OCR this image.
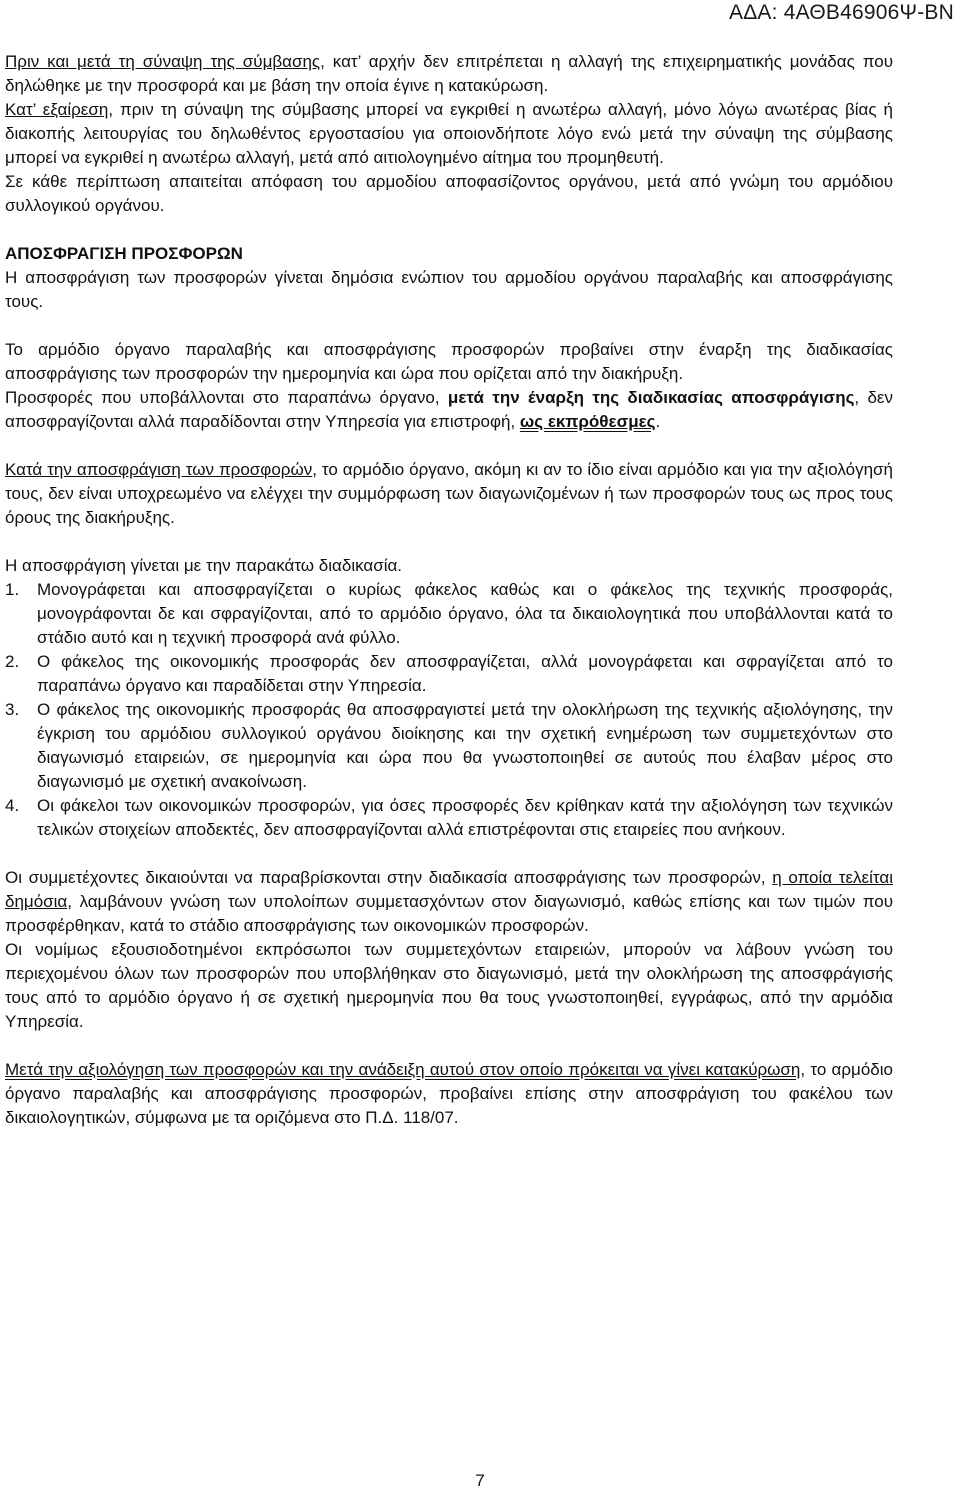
ΑΔΑ: 4ΑΘΒ46906Ψ-ΒΝ

Πριν και μετά τη σύναψη της σύμβασης, κατ’ αρχήν δεν επιτρέπεται η αλλαγή της επιχειρηματικής μονάδας που δηλώθηκε με την προσφορά και με βάση την οποία έγινε η κατακύρωση.

Κατ’ εξαίρεση, πριν τη σύναψη της σύμβασης μπορεί να εγκριθεί η ανωτέρω αλλαγή, μόνο λόγω ανωτέρας βίας ή διακοπής λειτουργίας του δηλωθέντος εργοστασίου για οποιονδήποτε λόγο ενώ μετά την σύναψη της σύμβασης μπορεί να εγκριθεί η ανωτέρω αλλαγή, μετά από αιτιολογημένο αίτημα του προμηθευτή.

Σε κάθε περίπτωση απαιτείται απόφαση του αρμοδίου αποφασίζοντος οργάνου, μετά από γνώμη του αρμόδιου συλλογικού οργάνου.

ΑΠΟΣΦΡΑΓΙΣΗ ΠΡΟΣΦΟΡΩΝ

Η αποσφράγιση των προσφορών γίνεται δημόσια ενώπιον του αρμοδίου οργάνου παραλαβής και αποσφράγισης τους.

Το αρμόδιο όργανο παραλαβής και αποσφράγισης προσφορών προβαίνει στην έναρξη της διαδικασίας αποσφράγισης των προσφορών την ημερομηνία και ώρα που ορίζεται από την διακήρυξη.

Προσφορές που υποβάλλονται στο παραπάνω όργανο, μετά την έναρξη της διαδικασίας αποσφράγισης, δεν αποσφραγίζονται αλλά παραδίδονται στην Υπηρεσία για επιστροφή, ως εκπρόθεσμες.

Κατά την αποσφράγιση των προσφορών, το αρμόδιο όργανο, ακόμη κι αν το ίδιο είναι αρμόδιο και για την αξιολόγησή τους, δεν είναι υποχρεωμένο να ελέγχει την συμμόρφωση των διαγωνιζομένων ή των προσφορών τους ως προς τους όρους της διακήρυξης.

Η αποσφράγιση γίνεται με την παρακάτω διαδικασία.

1. Μονογράφεται και αποσφραγίζεται ο κυρίως φάκελος καθώς και ο φάκελος της τεχνικής προσφοράς, μονογράφονται δε και σφραγίζονται, από το αρμόδιο όργανο, όλα τα δικαιολογητικά που υποβάλλονται κατά το στάδιο αυτό και η τεχνική προσφορά ανά φύλλο.
2. Ο φάκελος της οικονομικής προσφοράς δεν αποσφραγίζεται, αλλά μονογράφεται και σφραγίζεται από το παραπάνω όργανο και παραδίδεται στην Υπηρεσία.
3. Ο φάκελος της οικονομικής προσφοράς θα αποσφραγιστεί μετά την ολοκλήρωση της τεχνικής αξιολόγησης, την έγκριση του αρμόδιου συλλογικού οργάνου διοίκησης και την σχετική ενημέρωση των συμμετεχόντων στο διαγωνισμό εταιρειών, σε ημερομηνία και ώρα που θα γνωστοποιηθεί σε αυτούς που έλαβαν μέρος στο διαγωνισμό με σχετική ανακοίνωση.
4. Οι φάκελοι των οικονομικών προσφορών, για όσες προσφορές δεν κρίθηκαν κατά την αξιολόγηση των τεχνικών τελικών στοιχείων αποδεκτές, δεν αποσφραγίζονται αλλά επιστρέφονται στις εταιρείες που ανήκουν.

Οι συμμετέχοντες δικαιούνται να παραβρίσκονται στην διαδικασία αποσφράγισης των προσφορών, η οποία τελείται δημόσια, λαμβάνουν γνώση των υπολοίπων συμμετασχόντων στον διαγωνισμό, καθώς επίσης και των τιμών που προσφέρθηκαν, κατά το στάδιο αποσφράγισης των οικονομικών προσφορών.

Οι νομίμως εξουσιοδοτημένοι εκπρόσωποι των συμμετεχόντων εταιρειών, μπορούν να λάβουν γνώση του περιεχομένου όλων των προσφορών που υποβλήθηκαν στο διαγωνισμό, μετά την ολοκλήρωση της αποσφράγισής τους από το αρμόδιο όργανο ή σε σχετική ημερομηνία που θα τους γνωστοποιηθεί, εγγράφως, από την αρμόδια Υπηρεσία.

Μετά την αξιολόγηση των προσφορών και την ανάδειξη αυτού στον οποίο πρόκειται να γίνει κατακύρωση, το αρμόδιο όργανο παραλαβής και αποσφράγισης προσφορών, προβαίνει επίσης στην αποσφράγιση του φακέλου των δικαιολογητικών, σύμφωνα με τα οριζόμενα στο Π.Δ. 118/07.

7
